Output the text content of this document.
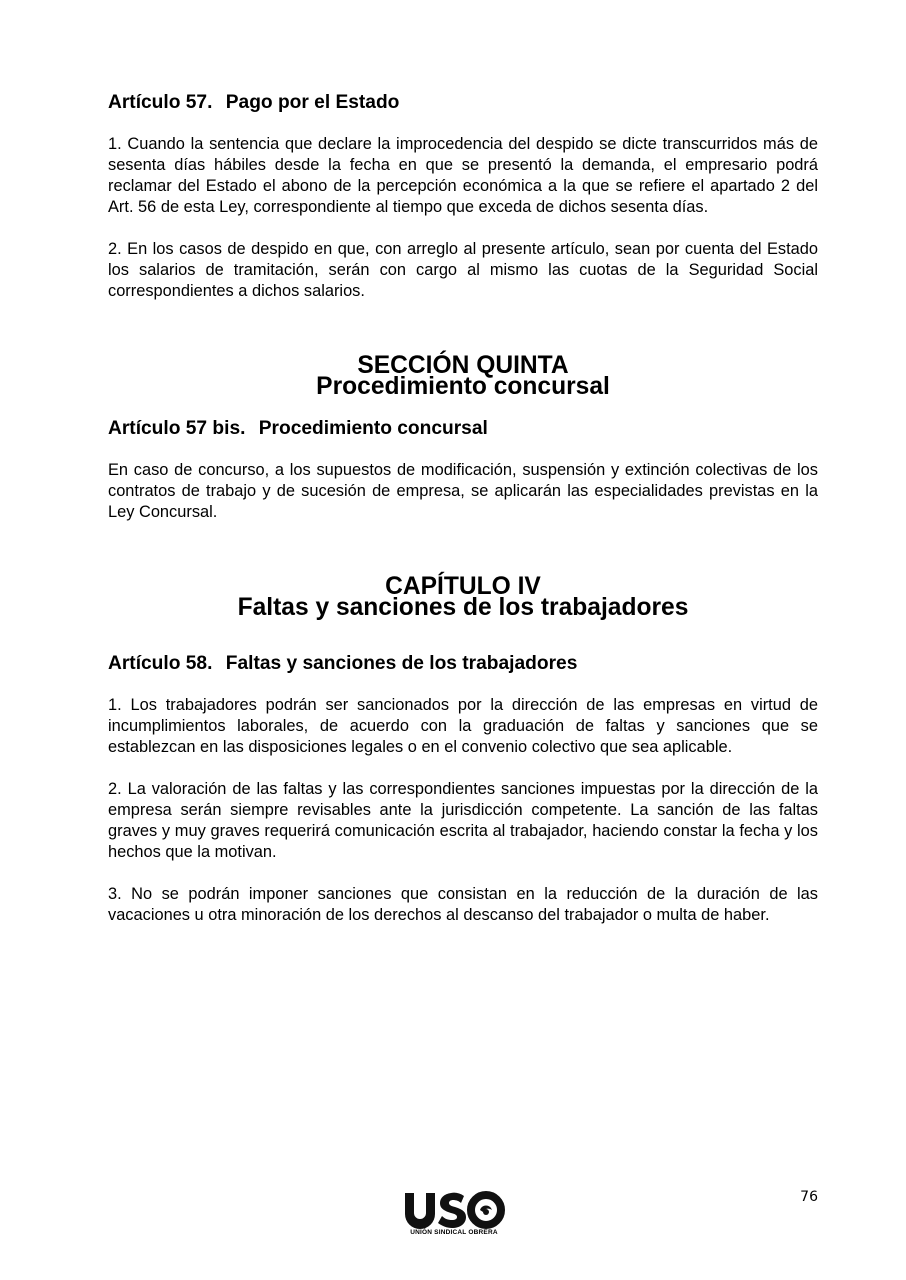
Artículo 57. Pago por el Estado

1. Cuando la sentencia que declare la improcedencia del despido se dicte transcurridos más de sesenta días hábiles desde la fecha en que se presentó la demanda, el empresario podrá reclamar del Estado el abono de la percepción económica a la que se refiere el apartado 2 del Art. 56 de esta Ley, correspondiente al tiempo que exceda de dichos sesenta días.

2. En los casos de despido en que, con arreglo al presente artículo, sean por cuenta del Estado los salarios de tramitación, serán con cargo al mismo las cuotas de la Seguridad Social correspondientes a dichos salarios.

SECCIÓN QUINTA
Procedimiento concursal
Artículo 57 bis. Procedimiento concursal

En caso de concurso, a los supuestos de modificación, suspensión y extinción colectivas de los contratos de trabajo y de sucesión de empresa, se aplicarán las especialidades previstas en la Ley Concursal.

CAPÍTULO IV
Faltas y sanciones de los trabajadores
Artículo 58. Faltas y sanciones de los trabajadores

1. Los trabajadores podrán ser sancionados por la dirección de las empresas en virtud de incumplimientos laborales, de acuerdo con la graduación de faltas y sanciones que se establezcan en las disposiciones legales o en el convenio colectivo que sea aplicable.

2. La valoración de las faltas y las correspondientes sanciones impuestas por la dirección de la empresa serán siempre revisables ante la jurisdicción competente. La sanción de las faltas graves y muy graves requerirá comunicación escrita al trabajador, haciendo constar la fecha y los hechos que la motivan.

3. No se podrán imponer sanciones que consistan en la reducción de la duración de las vacaciones u otra minoración de los derechos al descanso del trabajador o multa de haber.

76
UNIÓN SINDICAL OBRERA
